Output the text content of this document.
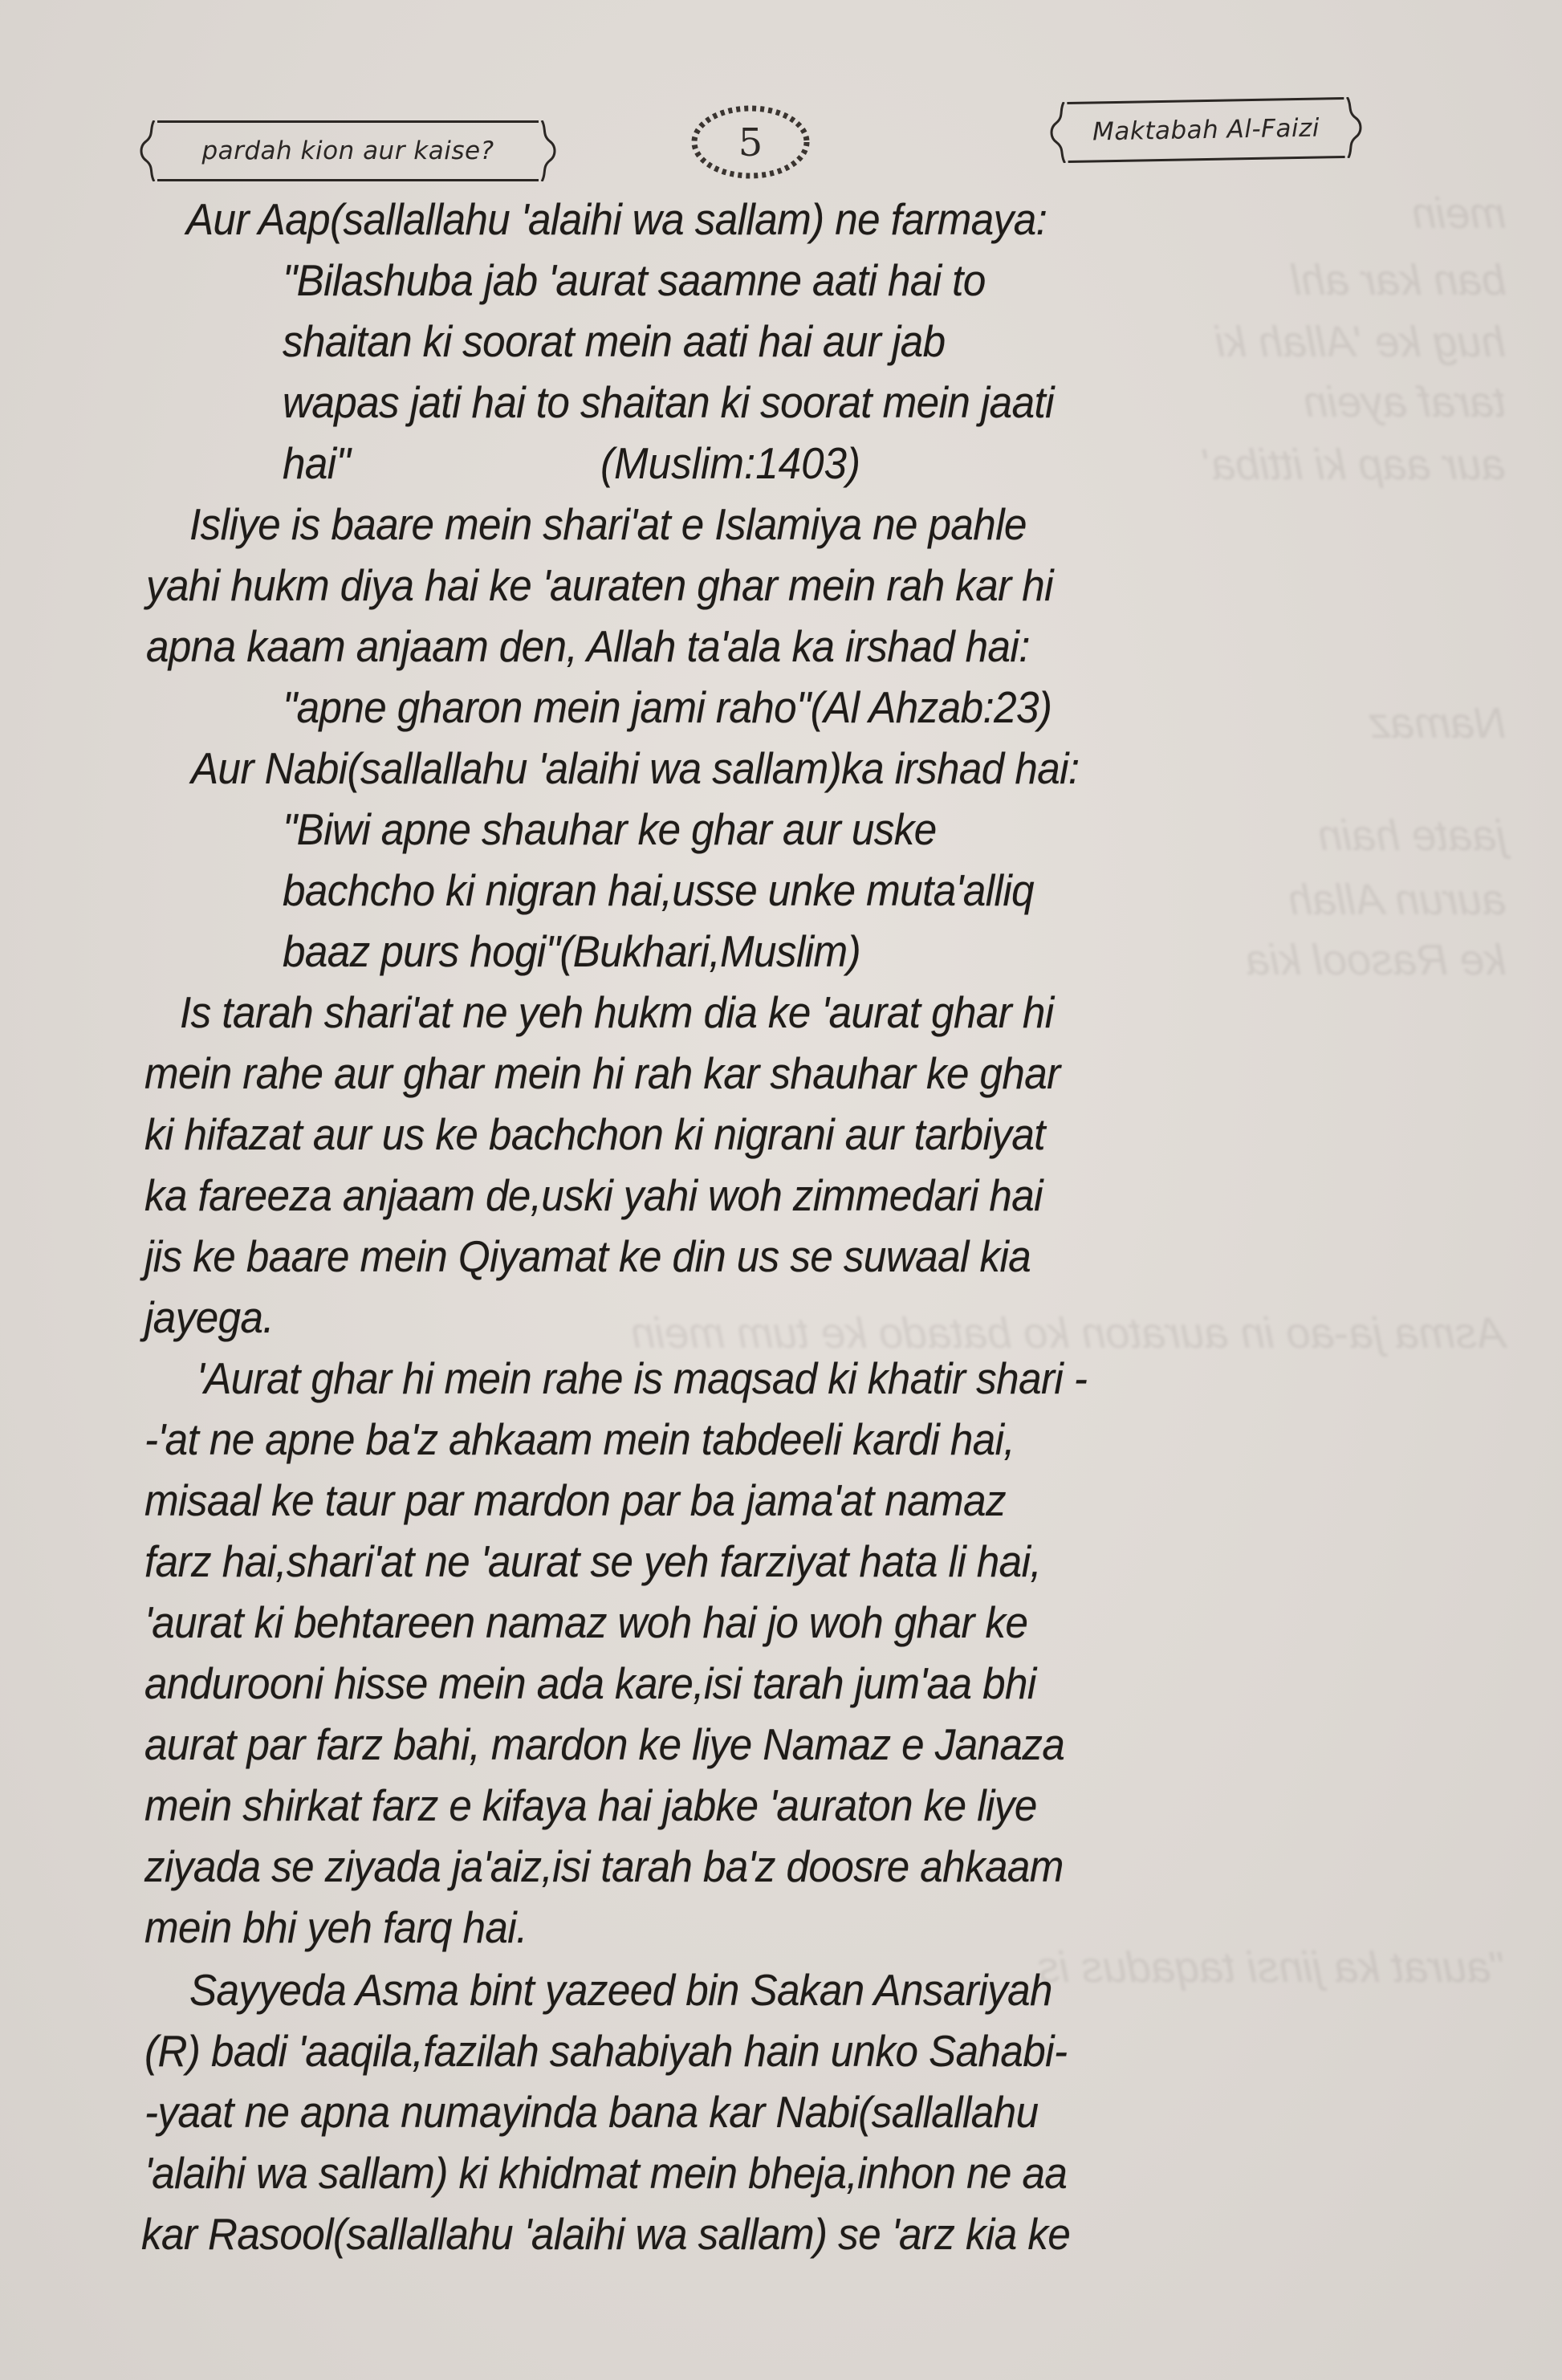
mein
ban kar ahl
hug ke 'Allah ki
taraf ayein
aur aap ki ittiba'
Namaz
jaate hain
aurun Allah
ke Rasool kia
Asma ja-ao in auraton ko batado ke tum mein
"aurat ka jinsi taqadus is
pardah kion aur kaise?	5	Maktabah Al-Faizi
Aur Aap(sallallahu 'alaihi wa sallam) ne farmaya:
"Bilashuba jab 'aurat saamne aati hai to
shaitan ki soorat mein aati hai aur jab
wapas jati hai to shaitan ki soorat mein jaati
hai"
Isliye is baare mein shari'at e Islamiya ne pahle
yahi hukm diya hai ke 'auraten ghar mein rah kar hi
apna kaam anjaam den, Allah ta'ala ka irshad hai:
"apne gharon mein jami raho"(Al Ahzab:23)
Aur Nabi(sallallahu 'alaihi wa sallam)ka irshad hai:
"Biwi apne shauhar ke ghar aur uske
bachcho ki nigran hai,usse unke muta'alliq
baaz purs hogi"(Bukhari,Muslim)
Is tarah shari'at ne yeh hukm dia ke 'aurat ghar hi
mein rahe aur ghar mein hi rah kar shauhar ke ghar
ki hifazat aur us ke bachchon ki nigrani aur tarbiyat
ka fareeza anjaam de,uski yahi woh zimmedari hai
jis ke baare mein Qiyamat ke din us se suwaal kia
jayega.
'Aurat ghar hi mein rahe is maqsad ki khatir shari -
-'at ne apne ba'z ahkaam mein tabdeeli kardi hai,
misaal ke taur par mardon par ba jama'at namaz
farz hai,shari'at ne 'aurat se yeh farziyat hata li hai,
'aurat ki behtareen namaz woh hai jo woh ghar ke
andurooni hisse mein ada kare,isi tarah jum'aa bhi
aurat par farz bahi, mardon ke liye Namaz e Janaza
mein shirkat farz e kifaya hai jabke 'auraton ke liye
ziyada se ziyada ja'aiz,isi tarah ba'z doosre ahkaam
mein bhi yeh farq hai.
Sayyeda Asma bint yazeed bin Sakan Ansariyah
(R) badi 'aaqila,fazilah sahabiyah hain unko Sahabi-
-yaat ne apna numayinda bana kar Nabi(sallallahu
'alaihi wa sallam) ki khidmat mein bheja,inhon ne aa
kar Rasool(sallallahu 'alaihi wa sallam) se 'arz kia ke
(Muslim:1403)
